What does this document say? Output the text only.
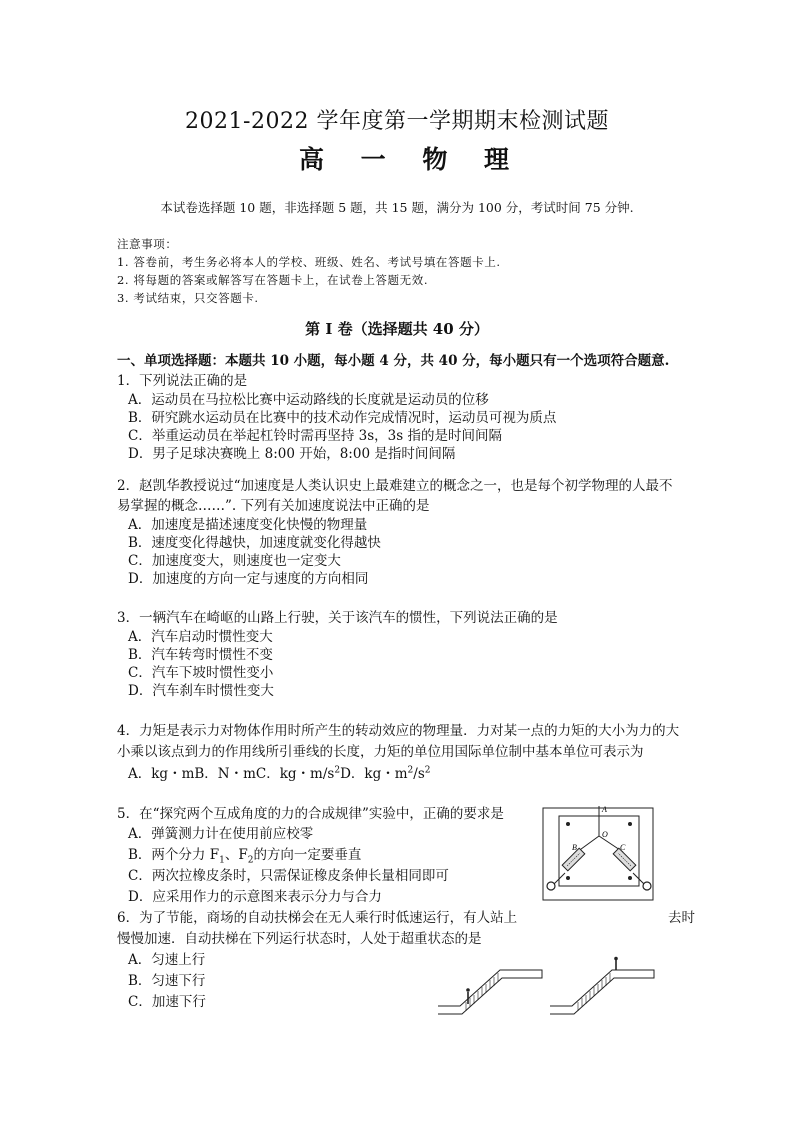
2021-2022 学年度第一学期期末检测试题
高 一 物 理
本试卷选择题 10 题，非选择题 5 题，共 15 题，满分为 100 分，考试时间 75 分钟.
注意事项：
1. 答卷前，考生务必将本人的学校、班级、姓名、考试号填在答题卡上.
2. 将每题的答案或解答写在答题卡上，在试卷上答题无效.
3. 考试结束，只交答题卡.
第 I 卷（选择题共 40 分）
一、单项选择题：本题共 10 小题，每小题 4 分，共 40 分，每小题只有一个选项符合题意.
1．下列说法正确的是
A．运动员在马拉松比赛中运动路线的长度就是运动员的位移
B．研究跳水运动员在比赛中的技术动作完成情况时，运动员可视为质点
C．举重运动员在举起杠铃时需再坚持 3s，3s 指的是时间间隔
D．男子足球决赛晚上 8:00 开始，8:00 是指时间间隔
2．赵凯华教授说过“加速度是人类认识史上最难建立的概念之一，也是每个初学物理的人最不
易掌握的概念……”. 下列有关加速度说法中正确的是
A．加速度是描述速度变化快慢的物理量
B．速度变化得越快，加速度就变化得越快
C．加速度变大，则速度也一定变大
D．加速度的方向一定与速度的方向相同
3．一辆汽车在崎岖的山路上行驶，关于该汽车的惯性，下列说法正确的是
A．汽车启动时惯性变大
B．汽车转弯时惯性不变
C．汽车下坡时惯性变小
D．汽车刹车时惯性变大
4．力矩是表示力对物体作用时所产生的转动效应的物理量．力对某一点的力矩的大小为力的大
小乘以该点到力的作用线所引垂线的长度，力矩的单位用国际单位制中基本单位可表示为
A．kg・mB．N・mC．kg・$m/s^2D$．kg・$m^2/s^2$
5．在“探究两个互成角度的力的合成规律”实验中，正确的要求是
A．弹簧测力计在使用前应校零
B．两个分力 $F_1$、$F_2$的方向一定要垂直
C．两次拉橡皮条时，只需保证橡皮条伸长量相同即可
D．应采用作力的示意图来表示分力与合力
A
O
B	C
6．为了节能，商场的自动扶梯会在无人乘行时低速运行，有人站上	去时
慢慢加速．自动扶梯在下列运行状态时，人处于超重状态的是
A．匀速上行
B．匀速下行
C．加速下行
